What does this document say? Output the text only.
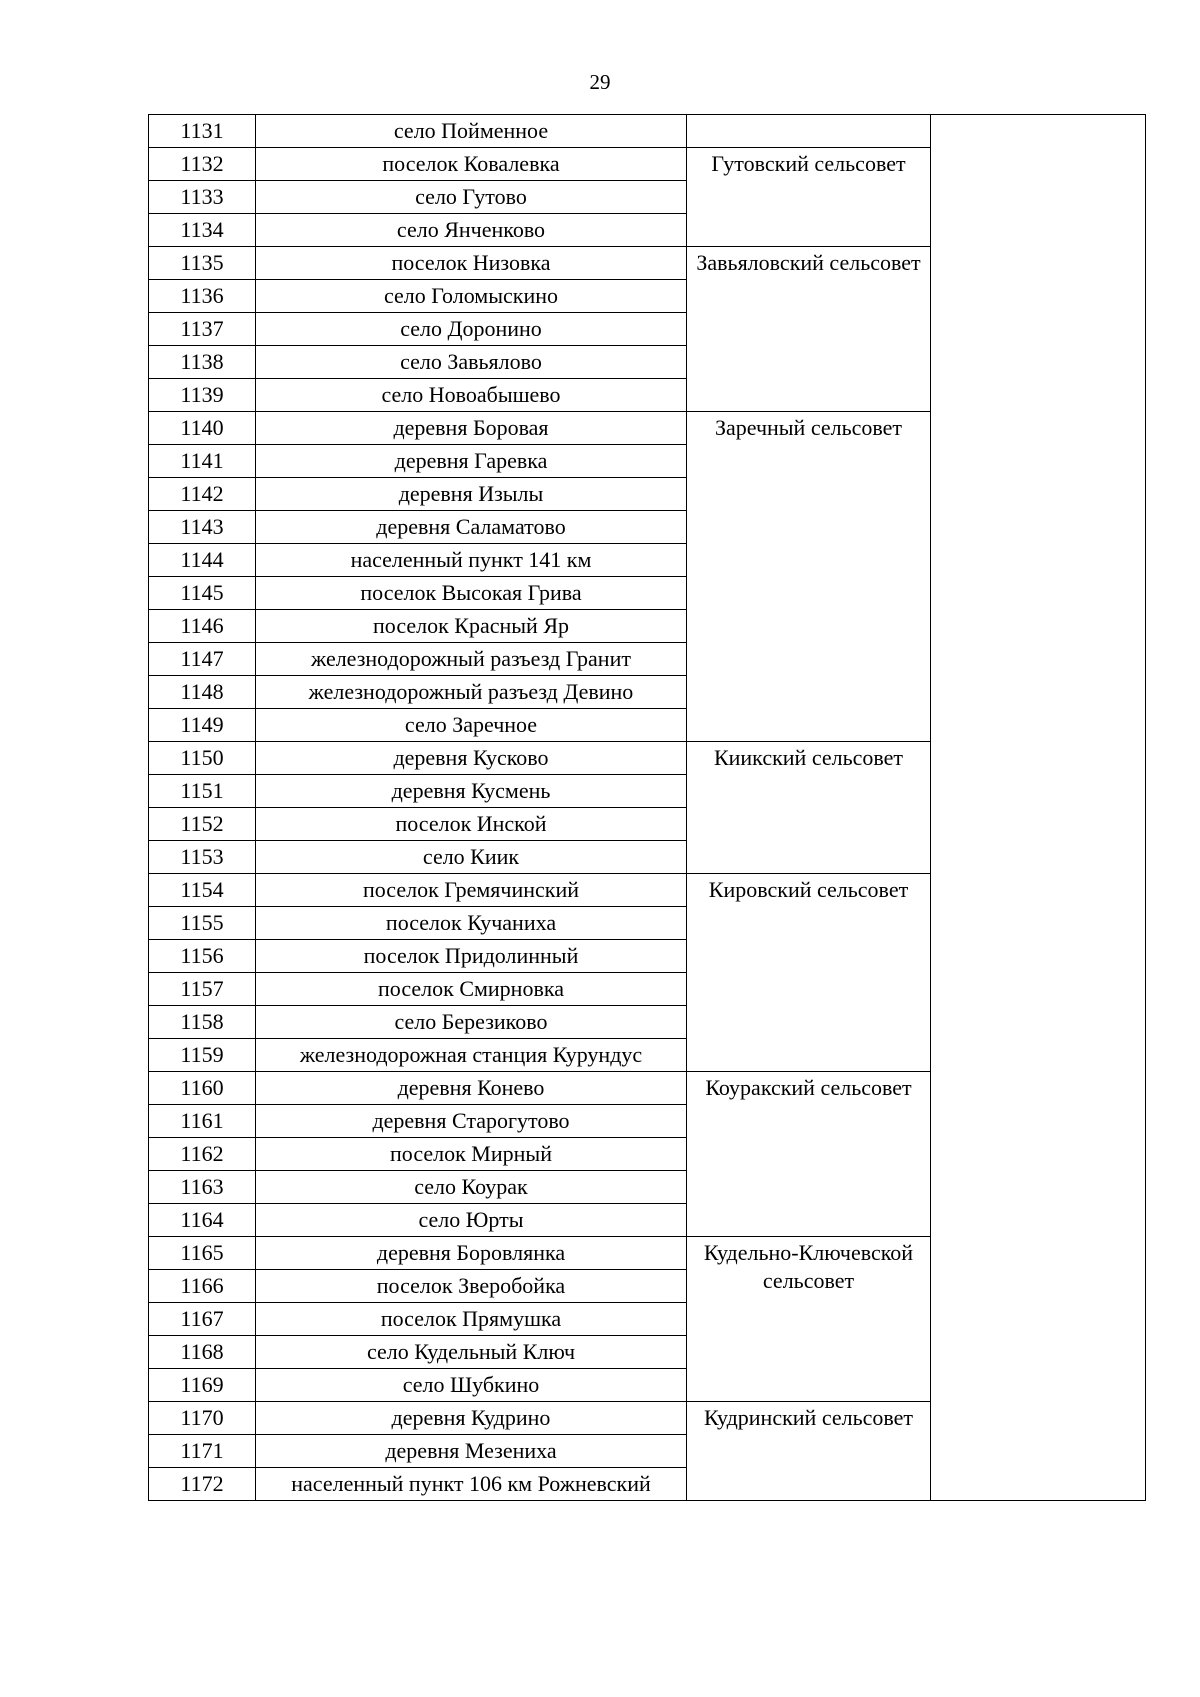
29
1131	село Пойменное		
1132	поселок Ковалевка	Гутовский сельсовет	
1133	село Гутово		
1134	село Янченково		
1135	поселок Низовка	Завьяловский сельсовет	
1136	село Голомыскино		
1137	село Доронино		
1138	село Завьялово		
1139	село Новоабышево		
1140	деревня Боровая	Заречный сельсовет	
1141	деревня Гаревка		
1142	деревня Изылы		
1143	деревня Саламатово		
1144	населенный пункт 141 км		
1145	поселок Высокая Грива		
1146	поселок Красный Яр		
1147	железнодорожный разъезд Гранит		
1148	железнодорожный разъезд Девино		
1149	село Заречное		
1150	деревня Кусково	Киикский сельсовет	
1151	деревня Кусмень		
1152	поселок Инской		
1153	село Киик		
1154	поселок Гремячинский	Кировский сельсовет	
1155	поселок Кучаниха		
1156	поселок Придолинный		
1157	поселок Смирновка		
1158	село Березиково		
1159	железнодорожная станция Курундус		
1160	деревня Конево	Коуракский сельсовет	
1161	деревня Старогутово		
1162	поселок Мирный		
1163	село Коурак		
1164	село Юрты		
1165	деревня Боровлянка	Кудельно-Ключевской сельсовет	
1166	поселок Зверобойка		
1167	поселок Прямушка		
1168	село Кудельный Ключ		
1169	село Шубкино		
1170	деревня Кудрино	Кудринский сельсовет	
1171	деревня Мезениха		
1172	населенный пункт 106 км Рожневский		
